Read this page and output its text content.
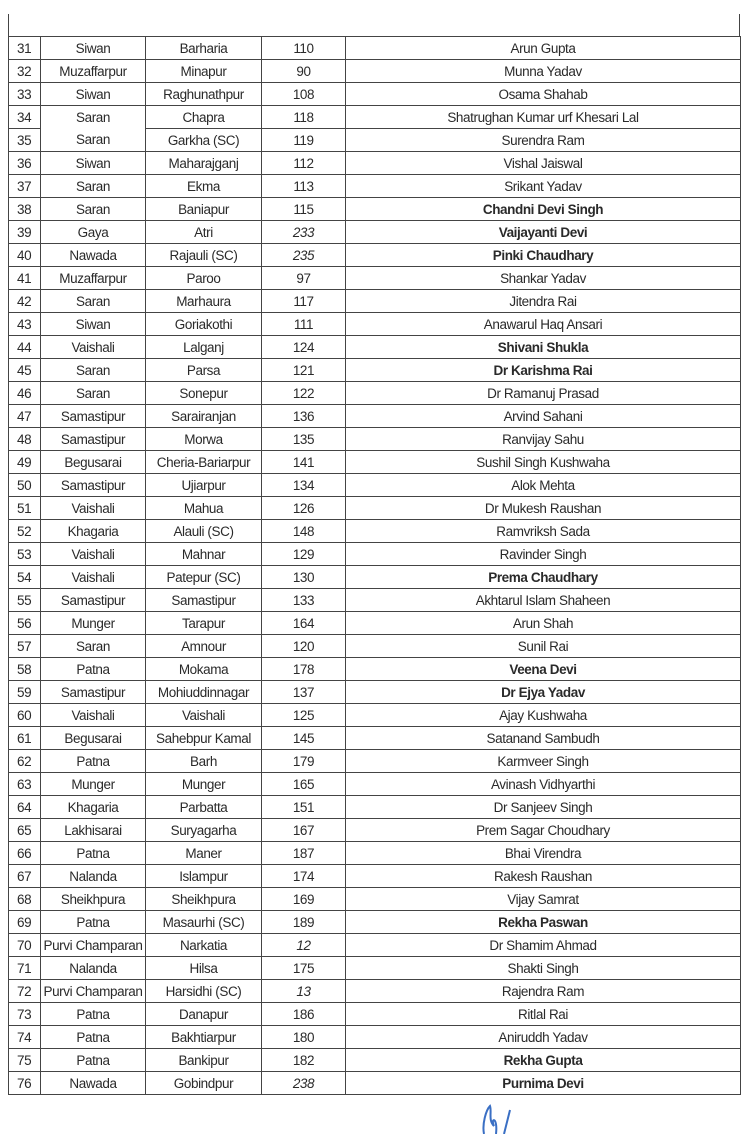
31	Siwan	Barharia	110	Arun Gupta
32	Muzaffarpur	Minapur	90	Munna Yadav
33	Siwan	Raghunathpur	108	Osama Shahab
34	Saran	Chapra	118	Shatrughan Kumar urf Khesari Lal
35	Saran	Garkha (SC)	119	Surendra Ram
36	Siwan	Maharajganj	112	Vishal Jaiswal
37	Saran	Ekma	113	Srikant Yadav
38	Saran	Baniapur	115	Chandni Devi Singh
39	Gaya	Atri	233	Vaijayanti Devi
40	Nawada	Rajauli (SC)	235	Pinki Chaudhary
41	Muzaffarpur	Paroo	97	Shankar Yadav
42	Saran	Marhaura	117	Jitendra Rai
43	Siwan	Goriakothi	111	Anawarul Haq Ansari
44	Vaishali	Lalganj	124	Shivani Shukla
45	Saran	Parsa	121	Dr Karishma Rai
46	Saran	Sonepur	122	Dr Ramanuj Prasad
47	Samastipur	Sarairanjan	136	Arvind Sahani
48	Samastipur	Morwa	135	Ranvijay Sahu
49	Begusarai	Cheria-Bariarpur	141	Sushil Singh Kushwaha
50	Samastipur	Ujiarpur	134	Alok Mehta
51	Vaishali	Mahua	126	Dr Mukesh Raushan
52	Khagaria	Alauli (SC)	148	Ramvriksh Sada
53	Vaishali	Mahnar	129	Ravinder Singh
54	Vaishali	Patepur (SC)	130	Prema Chaudhary
55	Samastipur	Samastipur	133	Akhtarul Islam Shaheen
56	Munger	Tarapur	164	Arun Shah
57	Saran	Amnour	120	Sunil Rai
58	Patna	Mokama	178	Veena Devi
59	Samastipur	Mohiuddinnagar	137	Dr Ejya Yadav
60	Vaishali	Vaishali	125	Ajay Kushwaha
61	Begusarai	Sahebpur Kamal	145	Satanand Sambudh
62	Patna	Barh	179	Karmveer Singh
63	Munger	Munger	165	Avinash Vidhyarthi
64	Khagaria	Parbatta	151	Dr Sanjeev Singh
65	Lakhisarai	Suryagarha	167	Prem Sagar Choudhary
66	Patna	Maner	187	Bhai Virendra
67	Nalanda	Islampur	174	Rakesh Raushan
68	Sheikhpura	Sheikhpura	169	Vijay Samrat
69	Patna	Masaurhi (SC)	189	Rekha Paswan
70	Purvi Champaran	Narkatia	12	Dr Shamim Ahmad
71	Nalanda	Hilsa	175	Shakti Singh
72	Purvi Champaran	Harsidhi (SC)	13	Rajendra Ram
73	Patna	Danapur	186	Ritlal Rai
74	Patna	Bakhtiarpur	180	Aniruddh Yadav
75	Patna	Bankipur	182	Rekha Gupta
76	Nawada	Gobindpur	238	Purnima Devi
